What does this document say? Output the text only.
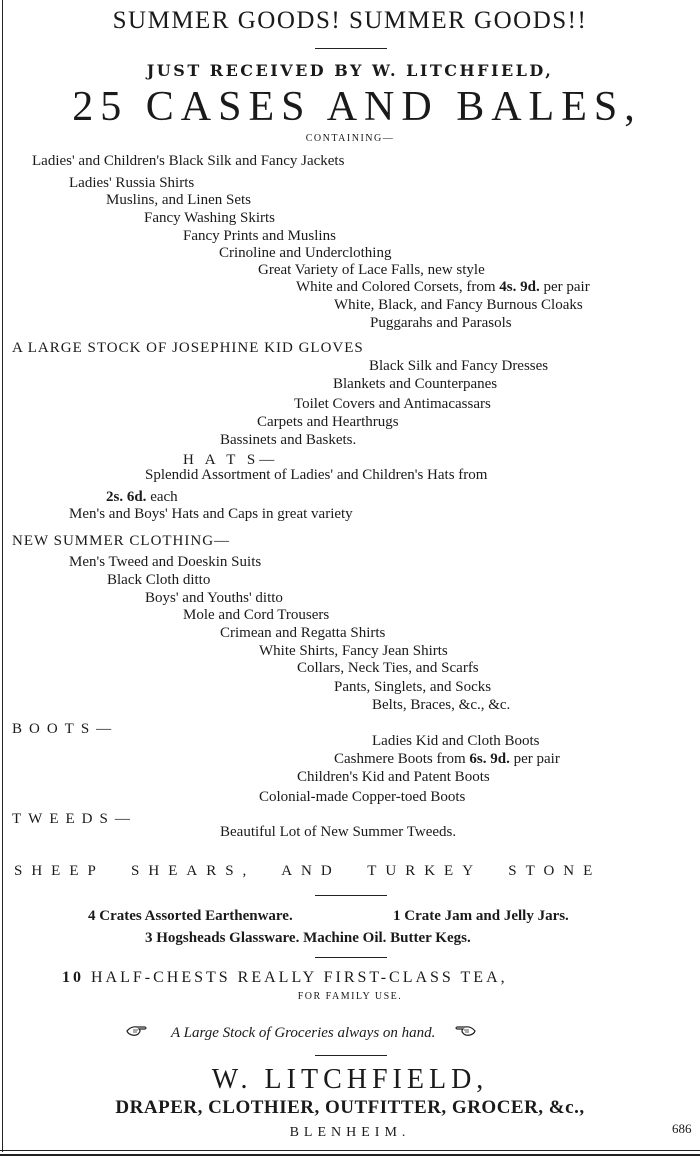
SUMMER GOODS! SUMMER GOODS!!
JUST RECEIVED BY W. LITCHFIELD,
25 CASES AND BALES,
CONTAINING—
Ladies' and Children's Black Silk and Fancy Jackets
Ladies' Russia Shirts
Muslins, and Linen Sets
Fancy Washing Skirts
Fancy Prints and Muslins
Crinoline and Underclothing
Great Variety of Lace Falls, new style
White and Colored Corsets, from 4s. 9d. per pair
White, Black, and Fancy Burnous Cloaks
Puggarahs and Parasols
A LARGE STOCK OF JOSEPHINE KID GLOVES
Black Silk and Fancy Dresses
Blankets and Counterpanes
Toilet Covers and Antimacassars
Carpets and Hearthrugs
Bassinets and Baskets.
H A T S—
Splendid Assortment of Ladies' and Children's Hats from
2s. 6d. each
Men's and Boys' Hats and Caps in great variety
NEW SUMMER CLOTHING—
Men's Tweed and Doeskin Suits
Black Cloth ditto
Boys' and Youths' ditto
Mole and Cord Trousers
Crimean and Regatta Shirts
White Shirts, Fancy Jean Shirts
Collars, Neck Ties, and Scarfs
Pants, Singlets, and Socks
Belts, Braces, &c., &c.
BOOTS—
Ladies Kid and Cloth Boots
Cashmere Boots from 6s. 9d. per pair
Children's Kid and Patent Boots
Colonial-made Copper-toed Boots
TWEEDS—
Beautiful Lot of New Summer Tweeds.
SHEEP SHEARS, AND TURKEY STONE
4 Crates Assorted Earthenware.	1 Crate Jam and Jelly Jars.
3 Hogsheads Glassware. Machine Oil. Butter Kegs.
10 HALF-CHESTS REALLY FIRST-CLASS TEA,
FOR FAMILY USE.
A Large Stock of Groceries always on hand.
W. LITCHFIELD,
DRAPER, CLOTHIER, OUTFITTER, GROCER, &c.,
BLENHEIM.	686
